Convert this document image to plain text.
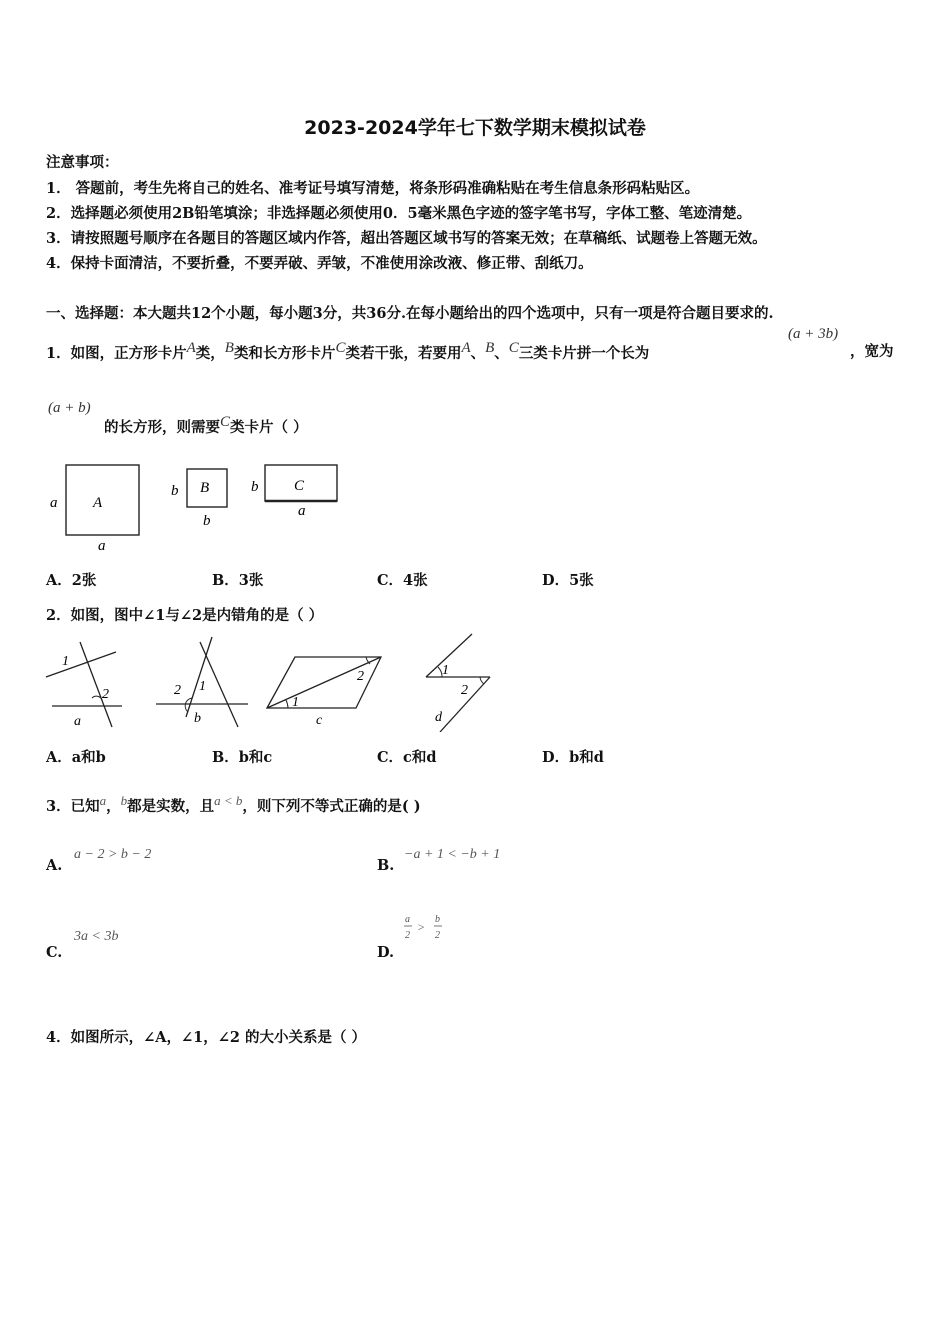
2023-2024学年七下数学期末模拟试卷
注意事项：
1． 答题前，考生先将自己的姓名、准考证号填写清楚，将条形码准确粘贴在考生信息条形码粘贴区。
2．选择题必须使用2B铅笔填涂；非选择题必须使用0．5毫米黑色字迹的签字笔书写，字体工整、笔迹清楚。
3．请按照题号顺序在各题目的答题区域内作答，超出答题区域书写的答案无效；在草稿纸、试题卷上答题无效。
4．保持卡面清洁，不要折叠，不要弄破、弄皱，不准使用涂改液、修正带、刮纸刀。
一、选择题：本大题共12个小题，每小题3分，共36分.在每小题给出的四个选项中，只有一项是符合题目要求的.
1．如图，正方形卡片$^A$类，$^B$类和长方形卡片$^C$类若干张，若要用$^A$、$^B$、$^C$三类卡片拼一个长为
(a + 3b)
，宽为
(a + b)
的长方形，则需要$^C$类卡片（ ）
A
a
a
B
b
b
C
b
a
A．2张	B．3张	C．4张	D．5张
2．如图，图中∠1与∠2是内错角的是（ ）
1
2
a
2 1
b
1
2
c
1
2
d
A．a和b	B．b和c	C．c和d	D．b和d
3．已知$^a$，$^b$都是实数，且$^{a < b}$，则下列不等式正确的是( )
A.
a − 2 > b − 2
B.
−a + 1 < −b + 1
C.
3a < 3b
D.
a
2
>
b
2
4．如图所示，∠A，∠1，∠2 的大小关系是（ ）
